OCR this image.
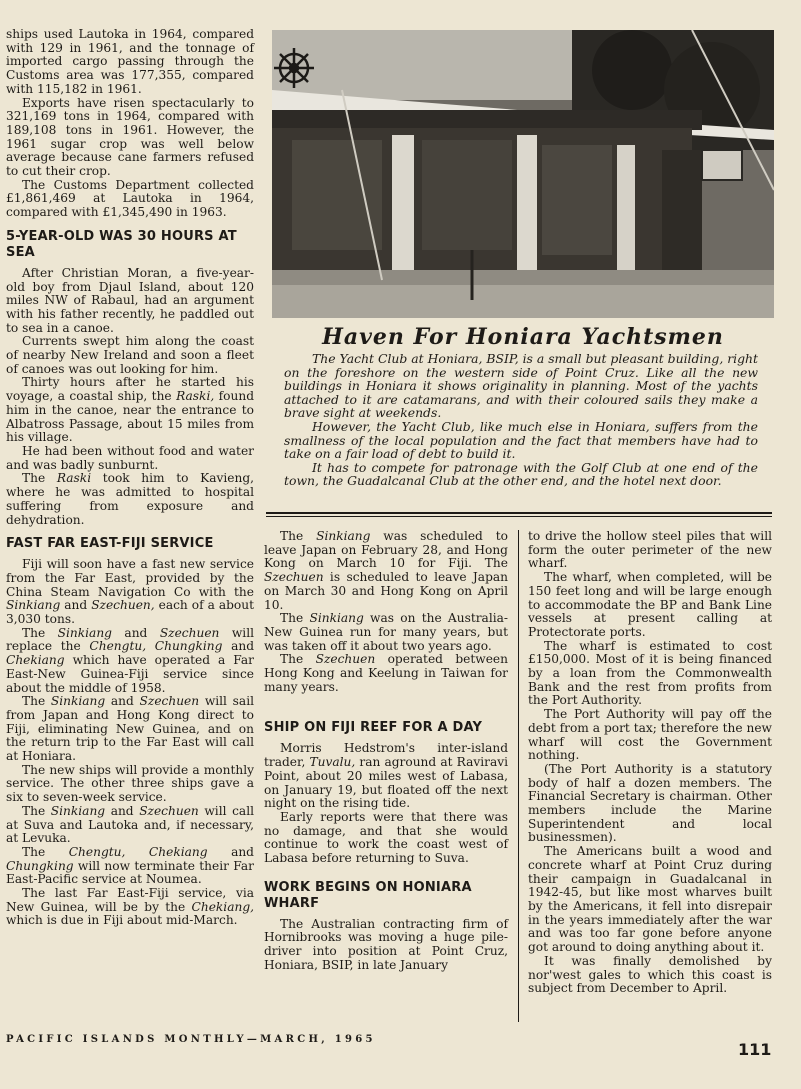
ships used Lautoka in 1964, compared with 129 in 1961, and the tonnage of imported cargo passing through the Customs area was 177,355, compared with 115,182 in 1961.

Exports have risen spectacularly to 321,169 tons in 1964, compared with 189,108 tons in 1961. However, the 1961 sugar crop was well below average because cane farmers refused to cut their crop.

The Customs Department collected £1,861,469 at Lautoka in 1964, compared with £1,345,490 in 1963.

5-YEAR-OLD WAS 30 HOURS AT SEA

After Christian Moran, a five-year-old boy from Djaul Island, about 120 miles NW of Rabaul, had an argument with his father recently, he paddled out to sea in a canoe.

Currents swept him along the coast of nearby New Ireland and soon a fleet of canoes was out looking for him.

Thirty hours after he started his voyage, a coastal ship, the Raski, found him in the canoe, near the entrance to Albatross Passage, about 15 miles from his village.

He had been without food and water and was badly sunburnt.

The Raski took him to Kavieng, where he was admitted to hospital suffering from exposure and dehydration.

FAST FAR EAST-FIJI SERVICE

Fiji will soon have a fast new service from the Far East, provided by the China Steam Navigation Co with the Sinkiang and Szechuen, each of a about 3,030 tons.

The Sinkiang and Szechuen will replace the Chengtu, Chungking and Chekiang which have operated a Far East-New Guinea-Fiji service since about the middle of 1958.

The Sinkiang and Szechuen will sail from Japan and Hong Kong direct to Fiji, eliminating New Guinea, and on the return trip to the Far East will call at Honiara.

The new ships will provide a monthly service. The other three ships gave a six to seven-week service.

The Sinkiang and Szechuen will call at Suva and Lautoka and, if necessary, at Levuka.

The Chengtu, Chekiang and Chungking will now terminate their Far East-Pacific service at Noumea.

The last Far East-Fiji service, via New Guinea, will be by the Chekiang, which is due in Fiji about mid-March.

Haven For Honiara Yachtsmen

The Yacht Club at Honiara, BSIP, is a small but pleasant building, right on the foreshore on the western side of Point Cruz. Like all the new buildings in Honiara it shows originality in planning. Most of the yachts attached to it are catamarans, and with their coloured sails they make a brave sight at weekends.

However, the Yacht Club, like much else in Honiara, suffers from the smallness of the local population and the fact that members have had to take on a fair load of debt to build it.

It has to compete for patronage with the Golf Club at one end of the town, the Guadalcanal Club at the other end, and the hotel next door.

The Sinkiang was scheduled to leave Japan on February 28, and Hong Kong on March 10 for Fiji. The Szechuen is scheduled to leave Japan on March 30 and Hong Kong on April 10.

The Sinkiang was on the Australia-New Guinea run for many years, but was taken off it about two years ago.

The Szechuen operated between Hong Kong and Keelung in Taiwan for many years.

SHIP ON FIJI REEF FOR A DAY

Morris Hedstrom's inter-island trader, Tuvalu, ran aground at Raviravi Point, about 20 miles west of Labasa, on January 19, but floated off the next night on the rising tide.

Early reports were that there was no damage, and that she would continue to work the coast west of Labasa before returning to Suva.

WORK BEGINS ON HONIARA WHARF

The Australian contracting firm of Hornibrooks was moving a huge pile-driver into position at Point Cruz, Honiara, BSIP, in late January

to drive the hollow steel piles that will form the outer perimeter of the new wharf.

The wharf, when completed, will be 150 feet long and will be large enough to accommodate the BP and Bank Line vessels at present calling at Protectorate ports.

The wharf is estimated to cost £150,000. Most of it is being financed by a loan from the Commonwealth Bank and the rest from profits from the Port Authority.

The Port Authority will pay off the debt from a port tax; therefore the new wharf will cost the Government nothing.

(The Port Authority is a statutory body of half a dozen members. The Financial Secretary is chairman. Other members include the Marine Superintendent and local businessmen).

The Americans built a wood and concrete wharf at Point Cruz during their campaign in Guadalcanal in 1942-45, but like most wharves built by the Americans, it fell into disrepair in the years immediately after the war and was too far gone before anyone got around to doing anything about it.

It was finally demolished by nor'west gales to which this coast is subject from December to April.

PACIFIC ISLANDS MONTHLY—MARCH, 1965
111
